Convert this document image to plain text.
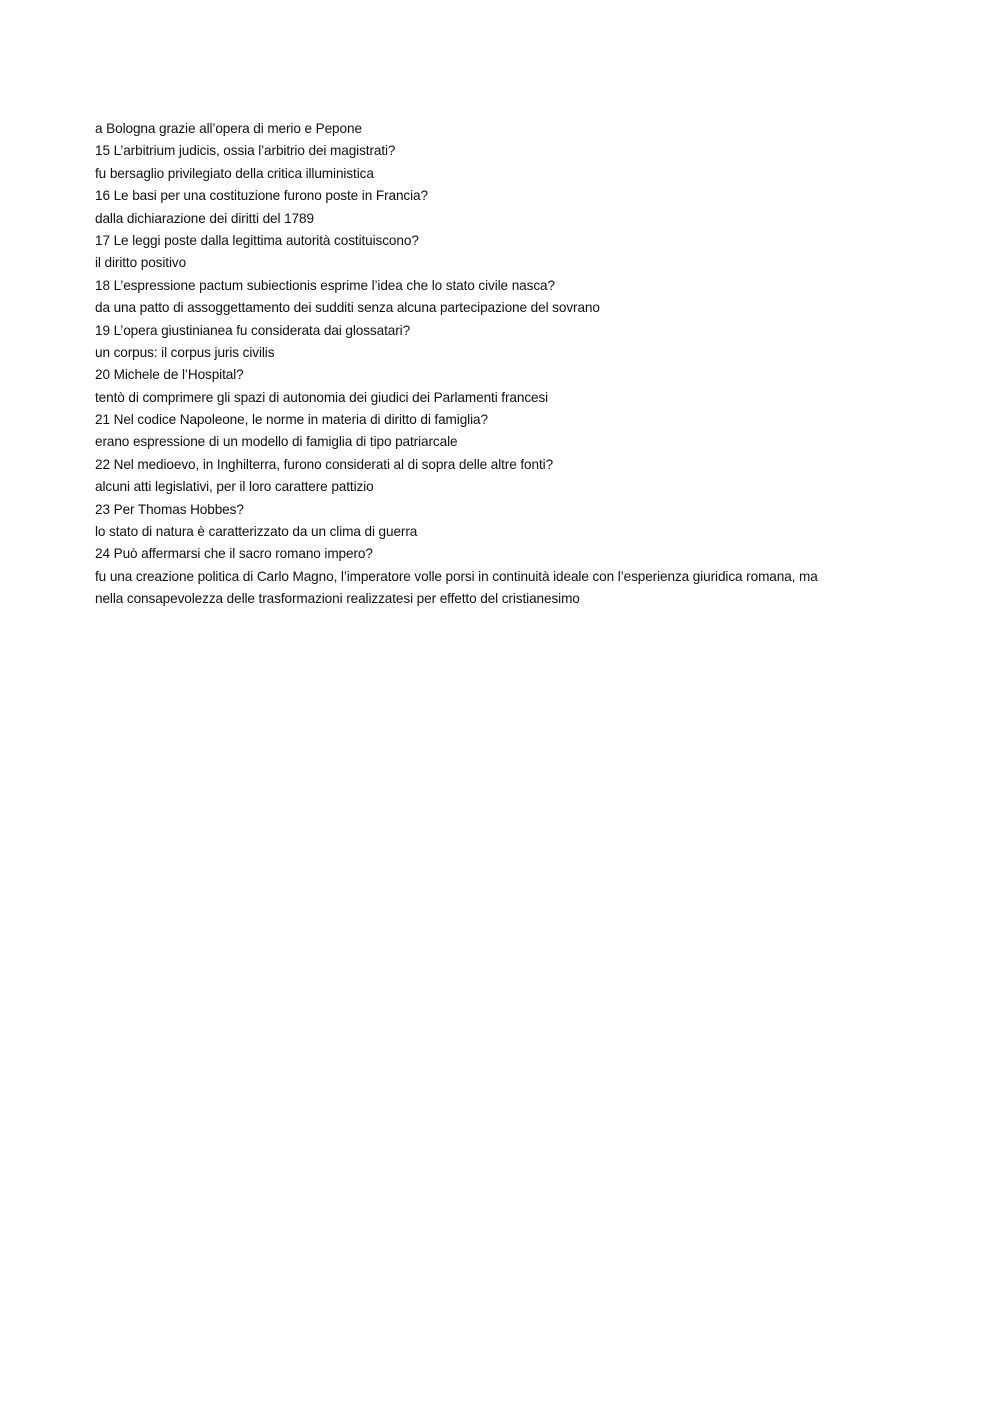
a Bologna grazie all’opera di merio e Pepone

15 L’arbitrium judicis, ossia l’arbitrio dei magistrati?

fu bersaglio privilegiato della critica illuministica

16 Le basi per una costituzione furono poste in Francia?

dalla dichiarazione dei diritti del 1789

17 Le leggi poste dalla legittima autorità costituiscono?

il diritto positivo

18 L’espressione pactum subiectionis esprime l’idea che lo stato civile nasca?

da una patto di assoggettamento dei sudditi senza alcuna partecipazione del sovrano

19 L’opera giustinianea fu considerata dai glossatari?

un corpus: il corpus juris civilis

20 Michele de l’Hospital?

tentò di comprimere gli spazi di autonomia dei giudici dei Parlamenti francesi

21 Nel codice Napoleone, le norme in materia di diritto di famiglia?

erano espressione di un modello di famiglia di tipo patriarcale

22 Nel medioevo, in Inghilterra, furono considerati al di sopra delle altre fonti?

alcuni atti legislativi, per il loro carattere pattizio

23 Per Thomas Hobbes?

lo stato di natura è caratterizzato da un clima di guerra

24 Può affermarsi che il sacro romano impero?

fu una creazione politica di Carlo Magno, l’imperatore volle porsi in continuità ideale con l’esperienza giuridica romana, ma

nella consapevolezza delle trasformazioni realizzatesi per effetto del cristianesimo
